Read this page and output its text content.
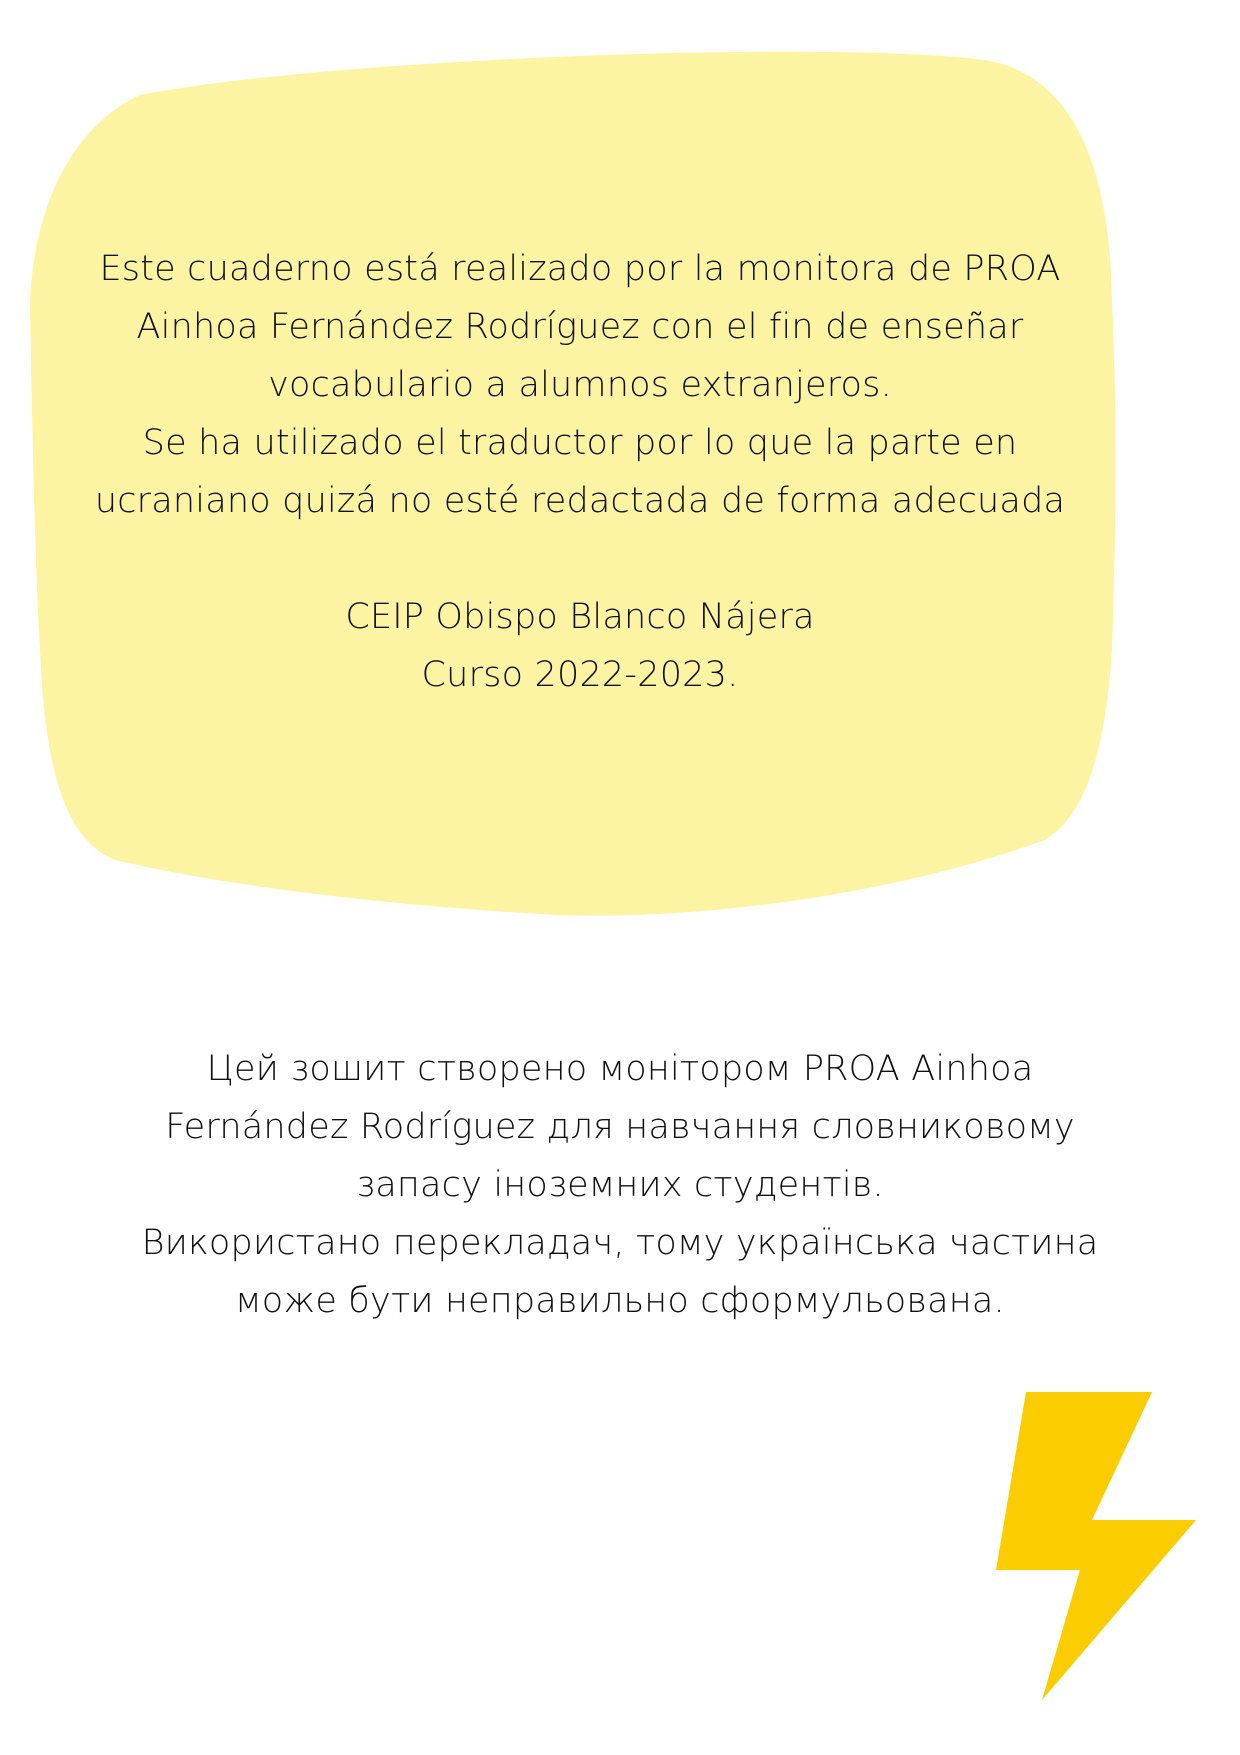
Este cuaderno está realizado por la monitora de PROA
Ainhoa Fernández Rodríguez con el fin de enseñar
vocabulario a alumnos extranjeros.
Se ha utilizado el traductor por lo que la parte en
ucraniano quizá no esté redactada de forma adecuada
CEIP Obispo Blanco Nájera
Curso 2022-2023.
Цей зошит створено монітором PROA Ainhoa
Fernández Rodríguez для навчання словниковому
запасу іноземних студентів.
Використано перекладач, тому українська частина
може бути неправильно сформульована.
